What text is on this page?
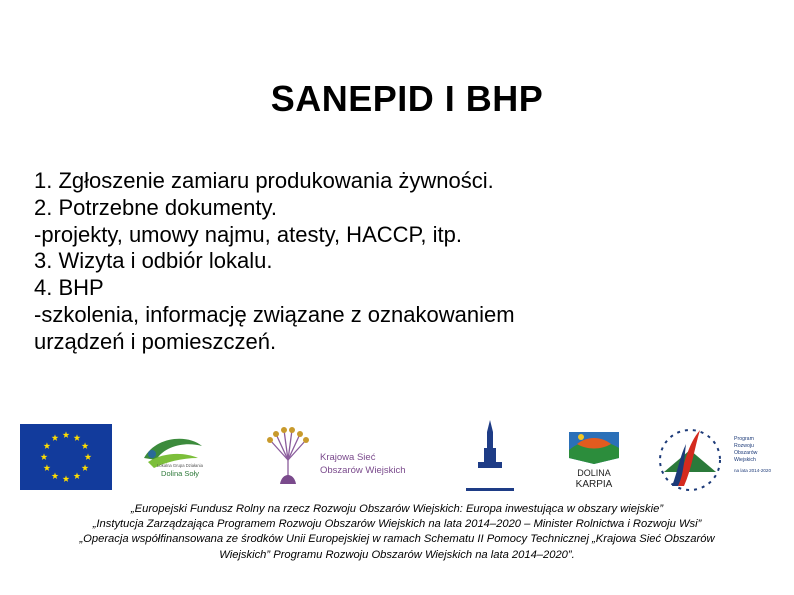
SANEPID I BHP
1. Zgłoszenie zamiaru produkowania żywności.
2. Potrzebne dokumenty.
-projekty, umowy najmu, atesty, HACCP, itp.
3. Wizyta i odbiór lokalu.
4. BHP
-szkolenia, informację związane z oznakowaniem
urządzeń i pomieszczeń.
Lokalna Grupa Działania
Dolina Soły
Krajowa Sieć
Obszarów Wiejskich	DOLINA
KARPIA
Program
Rozwoju
Obszarów
Wiejskich
na lata 2014-2020
„Europejski Fundusz Rolny na rzecz Rozwoju Obszarów Wiejskich: Europa inwestująca w obszary wiejskie”
„Instytucja Zarządzająca Programem Rozwoju Obszarów Wiejskich na lata 2014–2020 – Minister Rolnictwa i Rozwoju Wsi”
„Operacja współfinansowana ze środków Unii Europejskiej w ramach Schematu II Pomocy Technicznej „Krajowa Sieć Obszarów
Wiejskich” Programu Rozwoju Obszarów Wiejskich na lata 2014–2020”.
